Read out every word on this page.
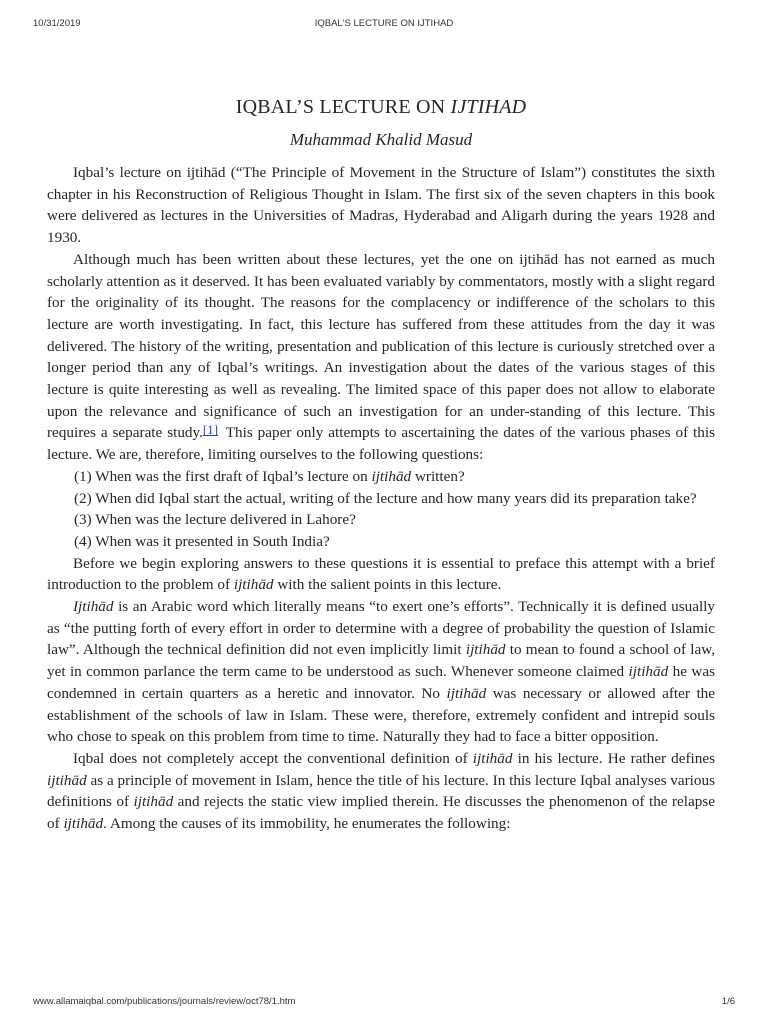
10/31/2019	IQBAL'S LECTURE ON IJTIHAD
IQBAL’S LECTURE ON IJTIHAD
Muhammad Khalid Masud

Iqbal’s lecture on ijtihād (“The Principle of Movement in the Structure of Islam”) constitutes the sixth chapter in his Reconstruction of Religious Thought in Islam. The first six of the seven chapters in this book were delivered as lectures in the Universities of Madras, Hyderabad and Aligarh during the years 1928 and 1930.

Although much has been written about these lectures, yet the one on ijtihād has not earned as much scholarly attention as it deserved. It has been evaluated variably by commentators, mostly with a slight regard for the originality of its thought. The reasons for the complacency or indifference of the scholars to this lecture are worth investigating. In fact, this lecture has suffered from these attitudes from the day it was delivered. The history of the writing, presentation and publication of this lecture is curiously stretched over a longer period than any of Iqbal’s writings. An investigation about the dates of the various stages of this lecture is quite interesting as well as revealing. The limited space of this paper does not allow to elaborate upon the relevance and significance of such an investigation for an under-standing of this lecture. This requires a separate study.[1] This paper only attempts to ascertaining the dates of the various phases of this lecture. We are, therefore, limiting ourselves to the following questions:

(1) When was the first draft of Iqbal’s lecture on ijtihād written?

(2) When did Iqbal start the actual, writing of the lecture and how many years did its preparation take?

(3) When was the lecture delivered in Lahore?

(4) When was it presented in South India?

Before we begin exploring answers to these questions it is essential to preface this attempt with a brief introduction to the problem of ijtihād with the salient points in this lecture.

Ijtihād is an Arabic word which literally means “to exert one’s efforts”. Technically it is defined usually as “the putting forth of every effort in order to determine with a degree of probability the question of Islamic law”. Although the technical definition did not even implicitly limit ijtihād to mean to found a school of law, yet in common parlance the term came to be understood as such. Whenever someone claimed ijtihād he was condemned in certain quarters as a heretic and innovator. No ijtihād was necessary or allowed after the establishment of the schools of law in Islam. These were, therefore, extremely confident and intrepid souls who chose to speak on this problem from time to time. Naturally they had to face a bitter opposition.

Iqbal does not completely accept the conventional definition of ijtihād in his lecture. He rather defines ijtihād as a principle of movement in Islam, hence the title of his lecture. In this lecture Iqbal analyses various definitions of ijtihād and rejects the static view implied therein. He discusses the phenomenon of the relapse of ijtihād. Among the causes of its immobility, he enumerates the following:

www.allamaiqbal.com/publications/journals/review/oct78/1.htm	1/6
